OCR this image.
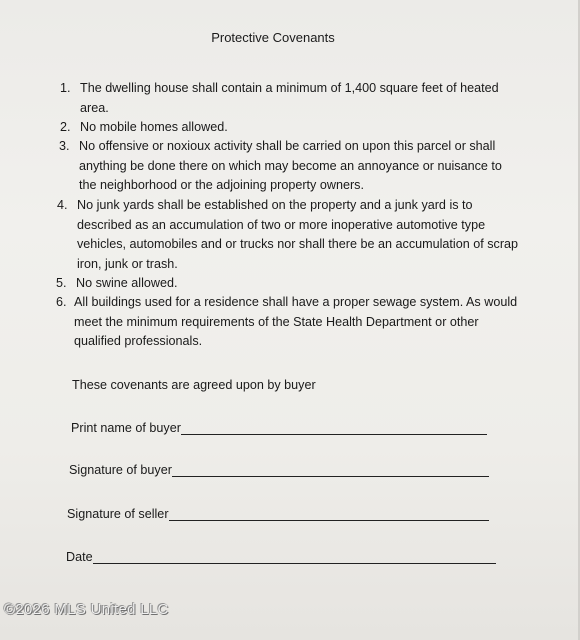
Protective Covenants
1. The dwelling house shall contain a minimum of 1,400 square feet of heated area.
2. No mobile homes allowed.
3. No offensive or noxioux activity shall be carried on upon this parcel or shall anything be done there on which may become an annoyance or nuisance to the neighborhood or the adjoining property owners.
4. No junk yards shall be established on the property and a junk yard is to described as an accumulation of two or more inoperative automotive type vehicles, automobiles and or trucks nor shall there be an accumulation of scrap iron, junk or trash.
5. No swine allowed.
6. All buildings used for a residence shall have a proper sewage system. As would meet the minimum requirements of the State Health Department or other qualified professionals.
These covenants are agreed upon by buyer
Print name of buyer
Signature of buyer
Signature of seller
Date
©2026 MLS United LLC
